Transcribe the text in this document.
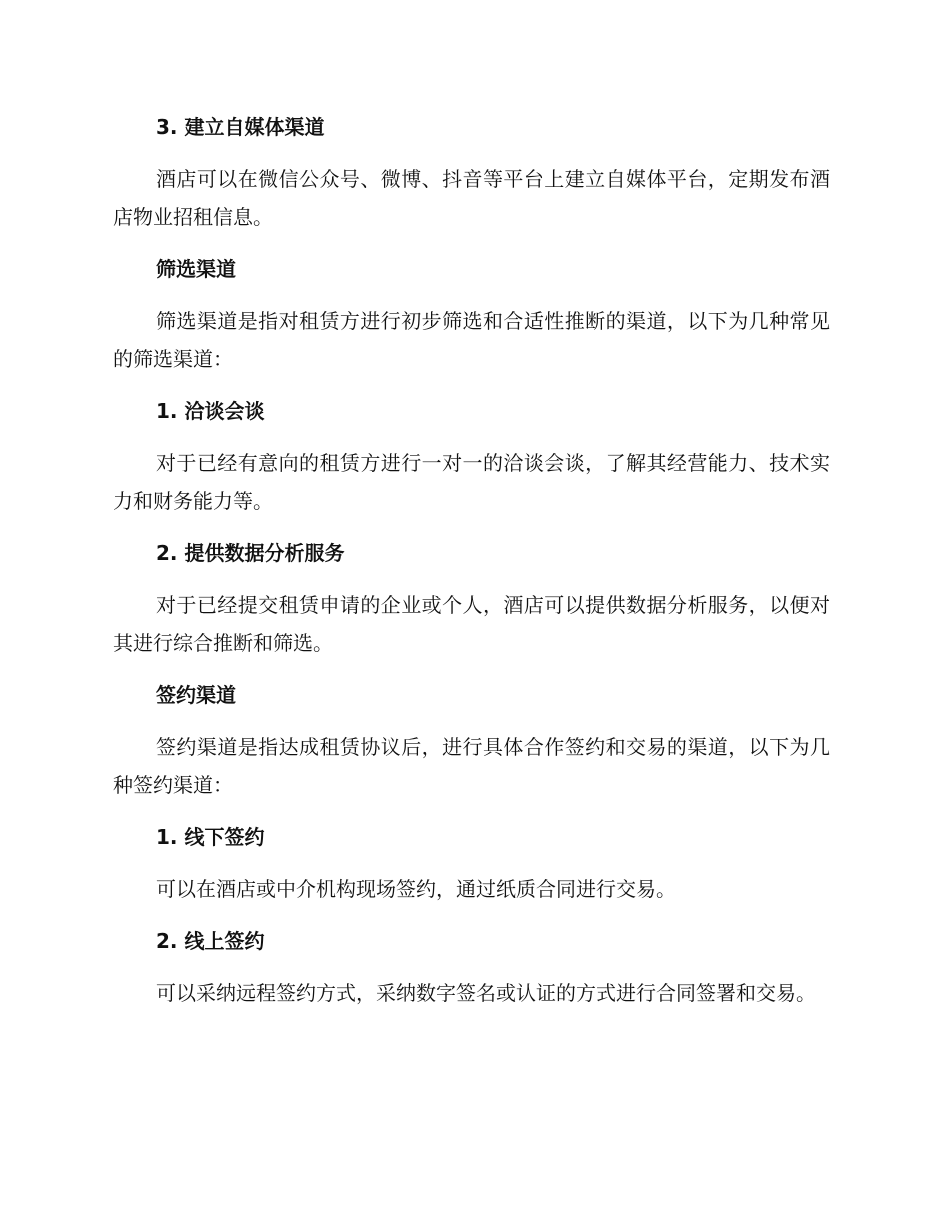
3. 建立自媒体渠道

酒店可以在微信公众号、微博、抖音等平台上建立自媒体平台，定期发布酒店物业招租信息。

筛选渠道

筛选渠道是指对租赁方进行初步筛选和合适性推断的渠道，以下为几种常见的筛选渠道：

1. 洽谈会谈

对于已经有意向的租赁方进行一对一的洽谈会谈，了解其经营能力、技术实力和财务能力等。

2. 提供数据分析服务

对于已经提交租赁申请的企业或个人，酒店可以提供数据分析服务，以便对其进行综合推断和筛选。

签约渠道

签约渠道是指达成租赁协议后，进行具体合作签约和交易的渠道，以下为几种签约渠道：

1. 线下签约

可以在酒店或中介机构现场签约，通过纸质合同进行交易。

2. 线上签约

可以采纳远程签约方式，采纳数字签名或认证的方式进行合同签署和交易。
